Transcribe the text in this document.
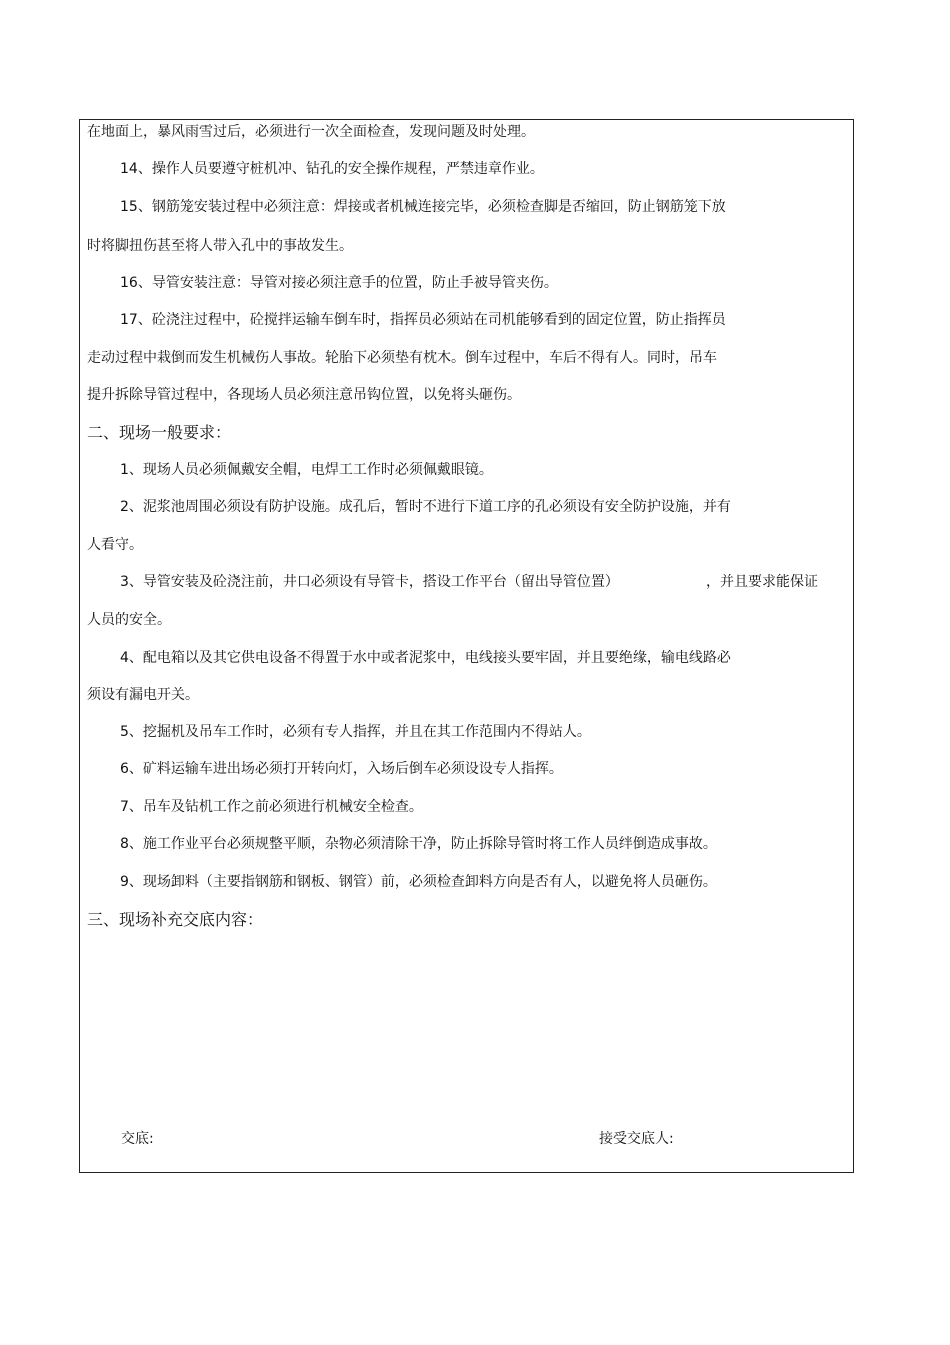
在地面上，暴风雨雪过后，必须进行一次全面检查，发现问题及时处理。
14、操作人员要遵守桩机冲、钻孔的安全操作规程，严禁违章作业。
15、钢筋笼安装过程中必须注意：焊接或者机械连接完毕，必须检查脚是否缩回，防止钢筋笼下放
时将脚扭伤甚至将人带入孔中的事故发生。
16、导管安装注意：导管对接必须注意手的位置，防止手被导管夹伤。
17、砼浇注过程中，砼搅拌运输车倒车时，指挥员必须站在司机能够看到的固定位置，防止指挥员
走动过程中栽倒而发生机械伤人事故。轮胎下必须垫有枕木。倒车过程中，车后不得有人。同时，吊车
提升拆除导管过程中，各现场人员必须注意吊钩位置，以免将头砸伤。
二、现场一般要求：
1、现场人员必须佩戴安全帽，电焊工工作时必须佩戴眼镜。
2、泥浆池周围必须设有防护设施。成孔后，暂时不进行下道工序的孔必须设有安全防护设施，并有
人看守。
3、导管安装及砼浇注前，井口必须设有导管卡，搭设工作平台（留出导管位置）	，并且要求能保证
人员的安全。
4、配电箱以及其它供电设备不得置于水中或者泥浆中，电线接头要牢固，并且要绝缘，输电线路必
须设有漏电开关。
5、挖掘机及吊车工作时，必须有专人指挥，并且在其工作范围内不得站人。
6、矿料运输车进出场必须打开转向灯，入场后倒车必须设设专人指挥。
7、吊车及钻机工作之前必须进行机械安全检查。
8、施工作业平台必须规整平顺，杂物必须清除干净，防止拆除导管时将工作人员绊倒造成事故。
9、现场卸料（主要指钢筋和钢板、钢管）前，必须检查卸料方向是否有人，以避免将人员砸伤。
三、现场补充交底内容：
交底:	接受交底人:
